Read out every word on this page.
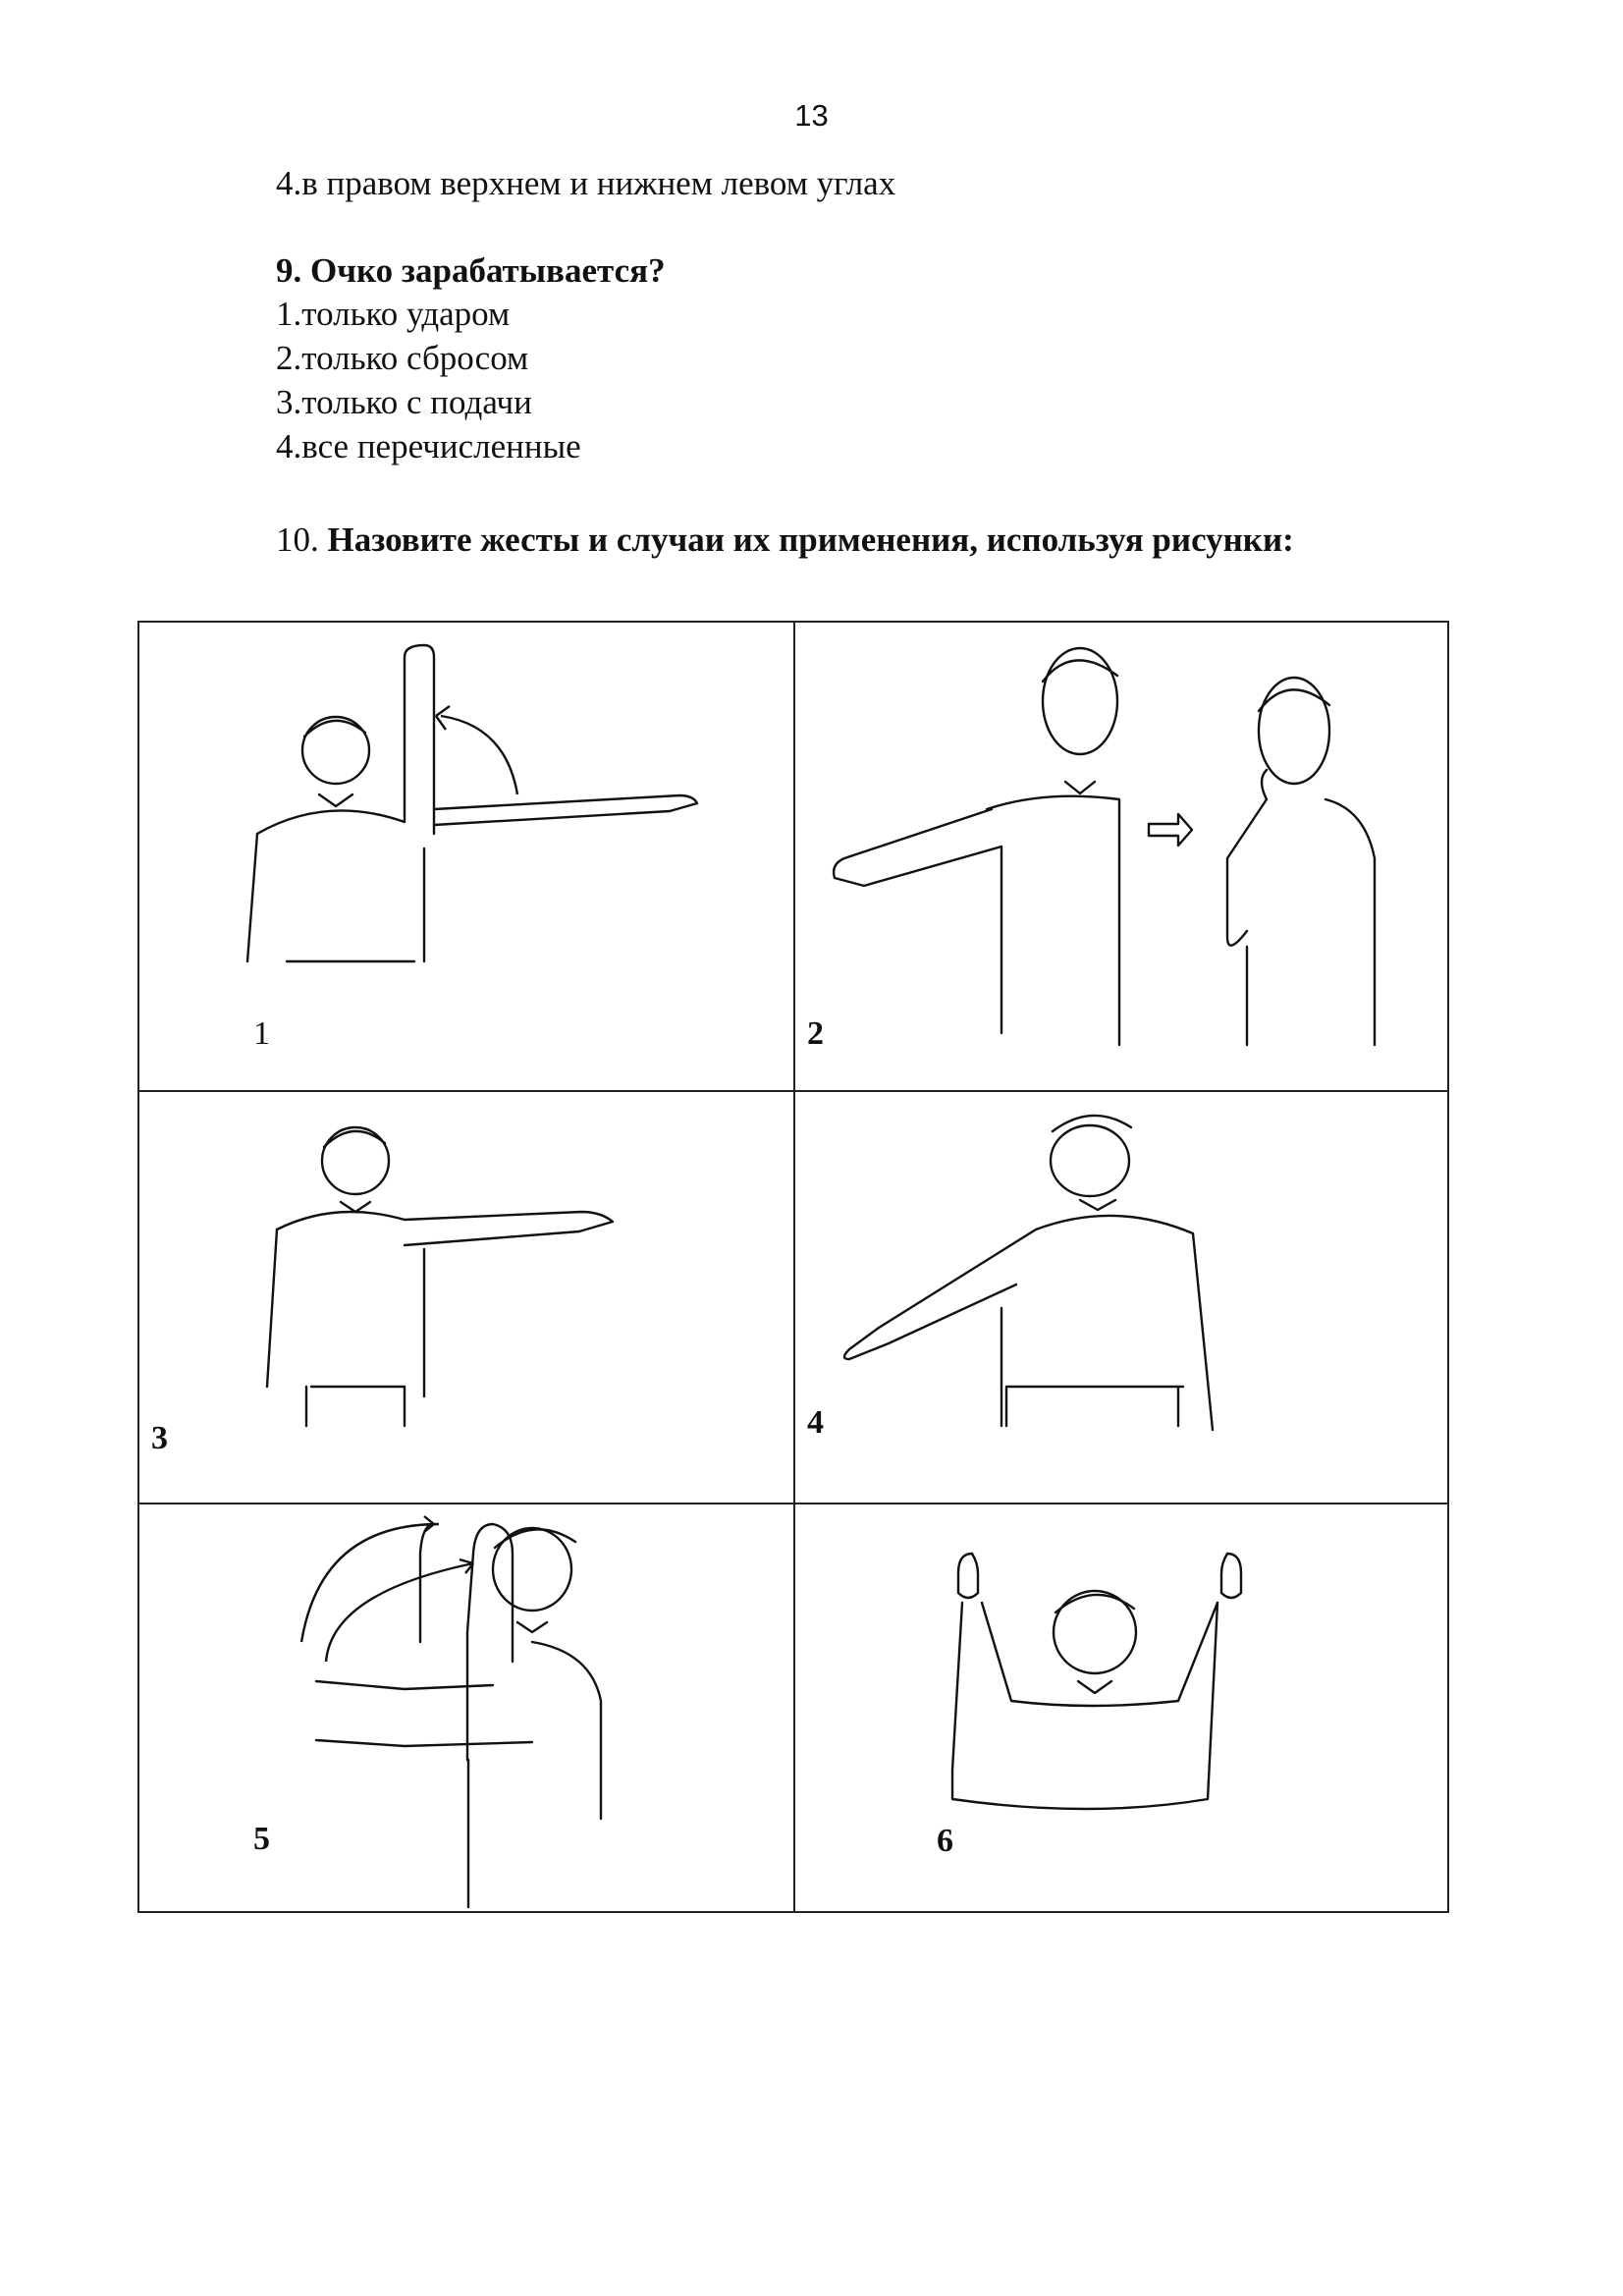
13
4.в правом верхнем и нижнем левом углах
9. Очко зарабатывается?
1.только ударом
2.только сбросом
3.только с подачи
4.все перечисленные
10. Назовите жесты и случаи их применения, используя рисунки:
1	2
3	4
5	6
